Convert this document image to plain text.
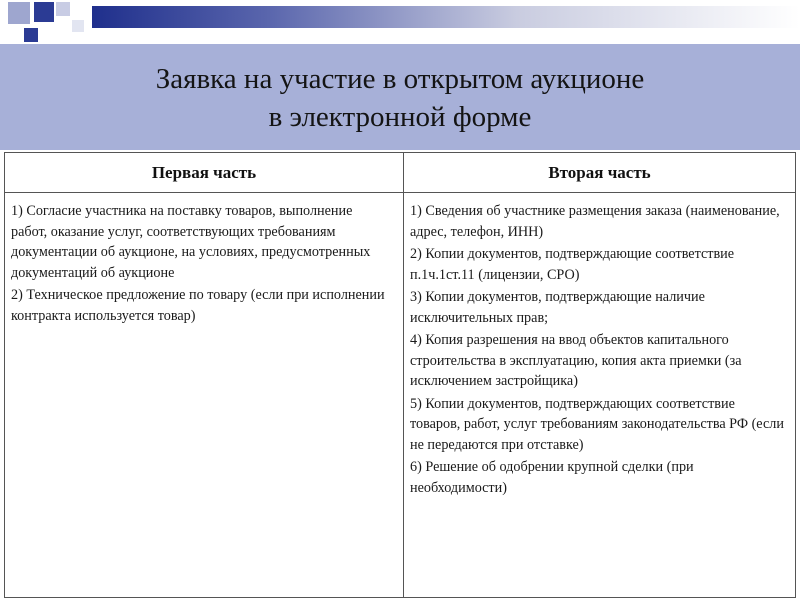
Заявка на участие в открытом аукционе
в электронной форме
Первая часть	Вторая часть

1) Согласие участника на поставку товаров, выполнение работ, оказание услуг, соответствующих требованиям документации об аукционе, на условиях, предусмотренных документаций об аукционе

2) Техническое предложение по товару (если при исполнении контракта используется товар)

1) Сведения об участнике размещения заказа (наименование, адрес, телефон, ИНН)

2) Копии документов, подтверждающие соответствие п.1ч.1ст.11 (лицензии, СРО)

3) Копии документов, подтверждающие наличие исключительных прав;

4) Копия разрешения на ввод объектов капитального строительства в эксплуатацию, копия акта приемки (за исключением застройщика)

5) Копии документов, подтверждающих соответствие товаров, работ, услуг требованиям законодательства РФ (если не передаются при отставке)

6) Решение об одобрении крупной сделки (при необходимости)
